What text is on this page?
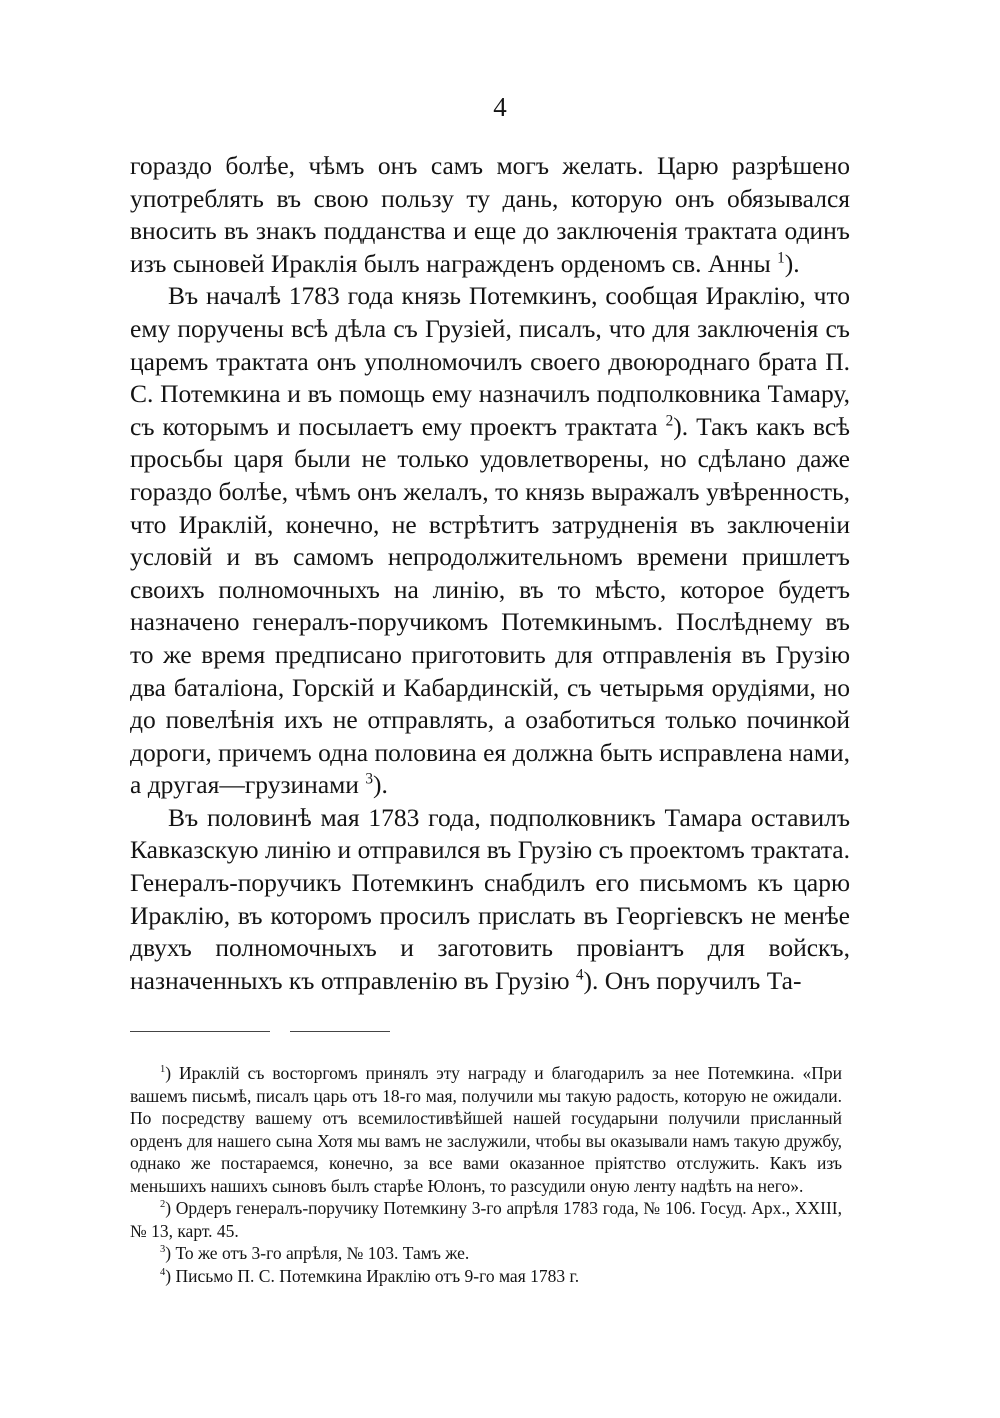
4

гораздо болѣе, чѣмъ онъ самъ могъ желать. Царю разрѣшено употреблять въ свою пользу ту дань, которую онъ обязывался вносить въ знакъ подданства и еще до заключенія трактата одинъ изъ сыновей Ираклія былъ награжденъ орденомъ св. Анны $^1$).

Въ началѣ 1783 года князь Потемкинъ, сообщая Ираклію, что ему поручены всѣ дѣла съ Грузіей, писалъ, что для заключенія съ царемъ трактата онъ уполномочилъ своего двоюроднаго брата П. С. Потемкина и въ помощь ему назначилъ подполковника Тамару, съ которымъ и посылаетъ ему проектъ трактата $^2$). Такъ какъ всѣ просьбы царя были не только удовлетворены, но сдѣлано даже гораздо болѣе, чѣмъ онъ желалъ, то князь выражалъ увѣренность, что Ираклій, конечно, не встрѣтитъ затрудненія въ заключеніи условій и въ самомъ непродолжительномъ времени пришлетъ своихъ полномочныхъ на линію, въ то мѣсто, которое будетъ назначено генералъ-поручикомъ Потемкинымъ. Послѣднему въ то же время предписано приготовить для отправленія въ Грузію два баталіона, Горскій и Кабардинскій, съ четырьмя орудіями, но до повелѣнія ихъ не отправлять, а озаботиться только починкой дороги, причемъ одна половина ея должна быть исправлена нами, а другая—грузинами $^3$).

Въ половинѣ мая 1783 года, подполковникъ Тамара оставилъ Кавказскую линію и отправился въ Грузію съ проектомъ трактата. Генералъ-поручикъ Потемкинъ снабдилъ его письмомъ къ царю Ираклію, въ которомъ просилъ прислать въ Георгіевскъ не менѣе двухъ полномочныхъ и заготовить провіантъ для войскъ, назначенныхъ къ отправленію въ Грузію $^4$). Онъ поручилъ Та-

$^1$) Ираклій съ восторгомъ принялъ эту награду и благодарилъ за нее Потемкина. «При вашемъ письмѣ, писалъ царь отъ 18-го мая, получили мы такую радость, которую не ожидали. По посредству вашему отъ всемилостивѣйшей нашей государыни получили присланный орденъ для нашего сына Хотя мы вамъ не заслужили, чтобы вы оказывали намъ такую дружбу, однако же постараемся, конечно, за все вами оказанное пріятство отслужить. Какъ изъ меньшихъ нашихъ сыновъ былъ старѣе Юлонъ, то разсудили оную ленту надѣть на него».

$^2$) Ордеръ генералъ-поручику Потемкину 3-го апрѣля 1783 года, № 106. Госуд. Арх., XXIII, № 13, карт. 45.

$^3$) То же отъ 3-го апрѣля, № 103. Тамъ же.

$^4$) Письмо П. С. Потемкина Ираклію отъ 9-го мая 1783 г.
